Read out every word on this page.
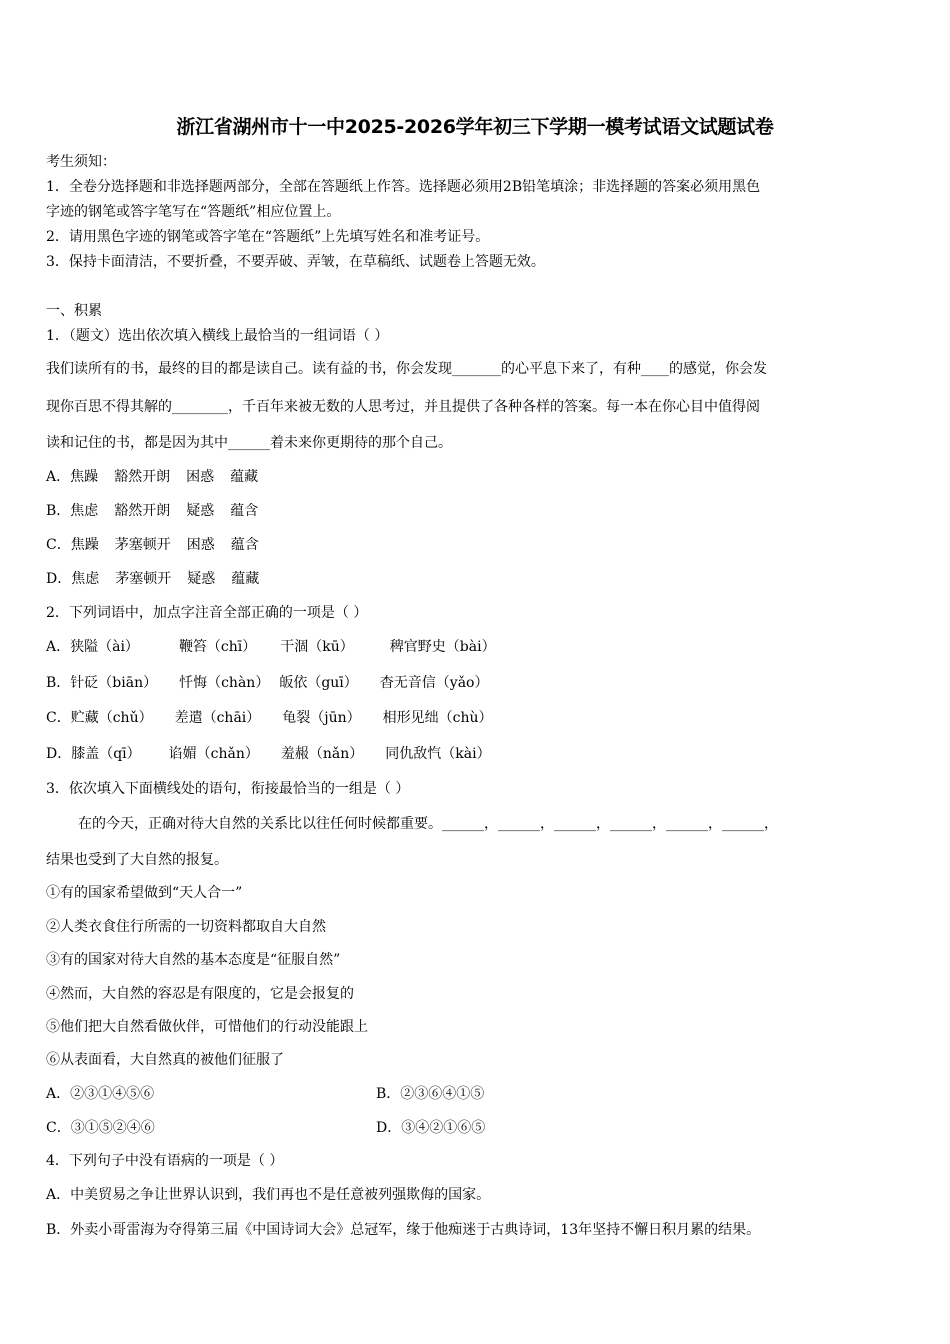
浙江省湖州市十一中2025-2026学年初三下学期一模考试语文试题试卷
考生须知：
1．全卷分选择题和非选择题两部分，全部在答题纸上作答。选择题必须用2B铅笔填涂；非选择题的答案必须用黑色
字迹的钢笔或答字笔写在“答题纸”相应位置上。
2．请用黑色字迹的钢笔或答字笔在“答题纸”上先填写姓名和准考证号。
3．保持卡面清洁，不要折叠，不要弄破、弄皱，在草稿纸、试题卷上答题无效。
一、积累
1．（题文）选出依次填入横线上最恰当的一组词语（ ）
我们读所有的书，最终的目的都是读自己。读有益的书，你会发现_______的心平息下来了，有种____的感觉，你会发
现你百思不得其解的________，千百年来被无数的人思考过，并且提供了各种各样的答案。每一本在你心目中值得阅
读和记住的书，都是因为其中______着未来你更期待的那个自己。
A．焦躁 豁然开朗 困惑 蕴藏
B．焦虑 豁然开朗 疑惑 蕴含
C．焦躁 茅塞顿开 困惑 蕴含
D．焦虑 茅塞顿开 疑惑 蕴藏
2．下列词语中，加点字注音全部正确的一项是（ ）
A．狭隘（ài）	鞭笞（chī） 干涸（kū）	稗官野史（bài）
B．针砭（biān） 忏悔（chàn） 皈依（guī） 杳无音信（yǎo）
C．贮藏（chǔ） 差遣（chāi） 龟裂（jūn） 相形见绌（chù）
D．膝盖（qī） 谄媚（chǎn） 羞赧（nǎn） 同仇敌忾（kài）
3．依次填入下面横线处的语句，衔接最恰当的一组是（ ）
在的今天，正确对待大自然的关系比以往任何时候都重要。______，______，______，______，______，______，
结果也受到了大自然的报复。
①有的国家希望做到“天人合一”
②人类衣食住行所需的一切资料都取自大自然
③有的国家对待大自然的基本态度是“征服自然”
④然而，大自然的容忍是有限度的，它是会报复的
⑤他们把大自然看做伙伴，可惜他们的行动没能跟上
⑥从表面看，大自然真的被他们征服了
A．②③①④⑤⑥	B．②③⑥④①⑤
C．③①⑤②④⑥	D．③④②①⑥⑤
4．下列句子中没有语病的一项是（ ）
A．中美贸易之争让世界认识到，我们再也不是任意被列强欺侮的国家。
B．外卖小哥雷海为夺得第三届《中国诗词大会》总冠军，缘于他痴迷于古典诗词，13年坚持不懈日积月累的结果。
